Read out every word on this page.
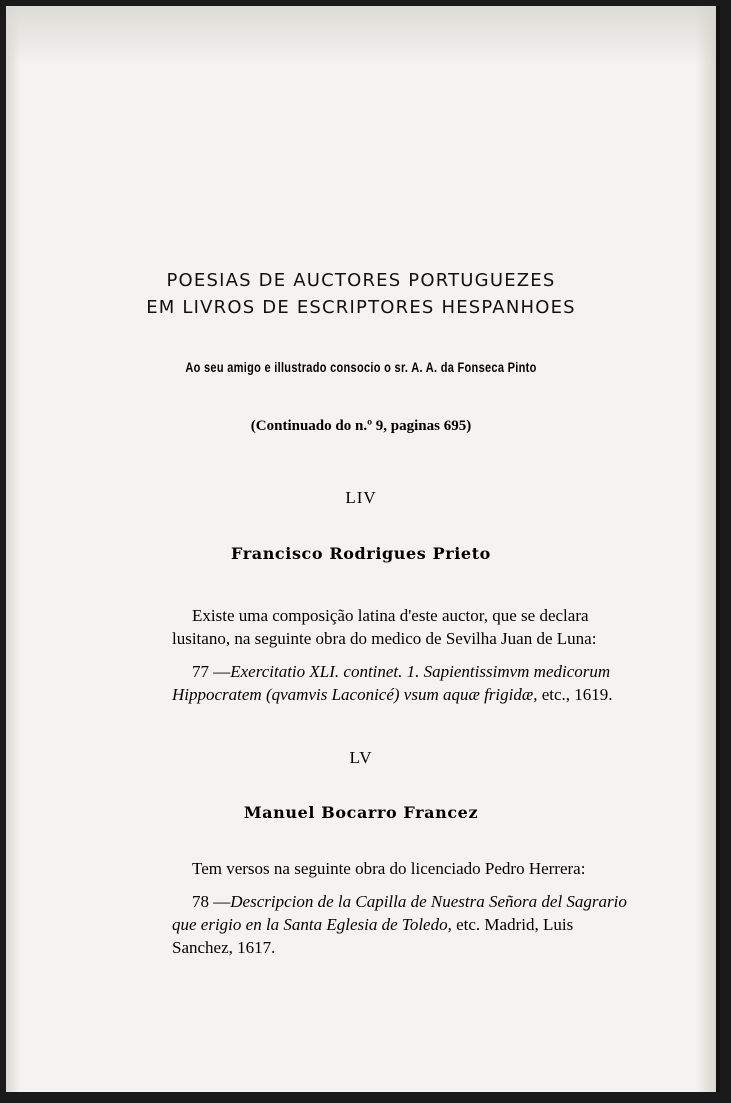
POESIAS DE AUCTORES PORTUGUEZES
EM LIVROS DE ESCRIPTORES HESPANHOES
Ao seu amigo e illustrado consocio o sr. A. A. da Fonseca Pinto
(Continuado do n.º 9, paginas 695)
LIV
Francisco Rodrigues Prieto
Existe uma composição latina d'este auctor, que se declara
lusitano, na seguinte obra do medico de Sevilha Juan de Luna:
77 —Exercitatio XLI. continet. 1. Sapientissimvm medicorum
Hippocratem (qvamvis Laconicé) vsum aquæ frigidæ, etc., 1619.
LV
Manuel Bocarro Francez
Tem versos na seguinte obra do licenciado Pedro Herrera:
78 —Descripcion de la Capilla de Nuestra Señora del Sagrario
que erigio en la Santa Eglesia de Toledo, etc. Madrid, Luis
Sanchez, 1617.
